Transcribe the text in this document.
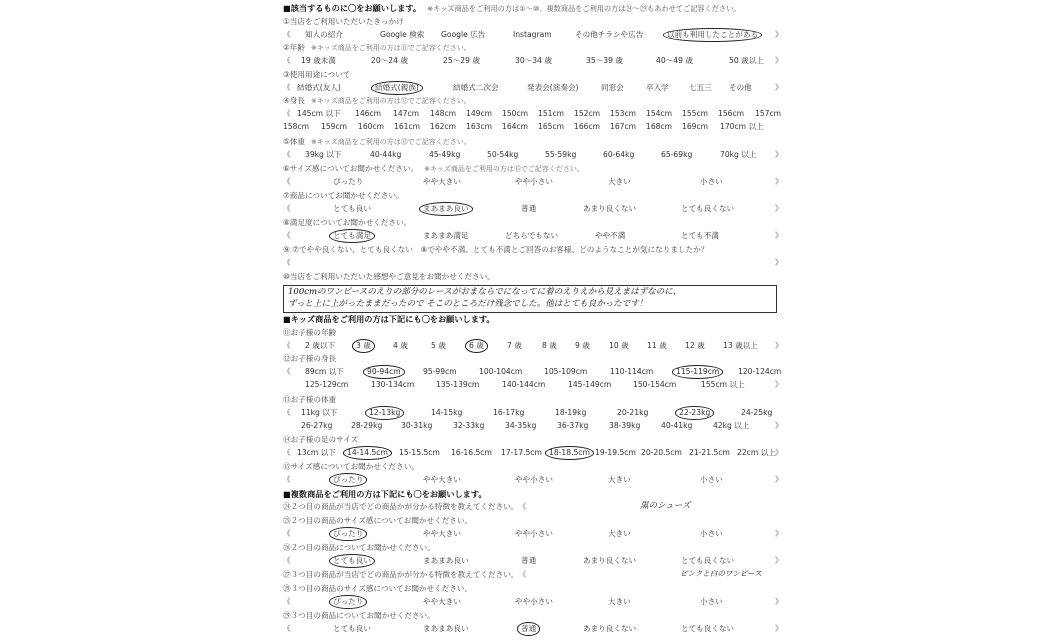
■該当するものに〇をお願いします。 ※キッズ商品をご利用の方は①～⑩、複数商品をご利用の方は㉔～㉙もあわせてご記容ください。
①当店をご利用いただいたきっかけ
《 知人の紹介	Google 検索 Google 広告	Instagram	その他チラシや広告	以前も利用したことがある 》
②年齢 ※キッズ商品をご利用の方は⑪でご記容ください。
《 19 歳未満	20～24 歳	25～29 歳	30～34 歳	35～39 歳	40～49 歳	50 歳以上 》
③使用用途について
《 結婚式(友人)	結婚式(親族)	結婚式二次会	発表会(演奏会)	同窓会	卒入学	七五三 その他	》
④身長 ※キッズ商品をご利用の方は⑫でご記容ください。
《 145cm 以下 146cm 147cm 148cm 149cm 150cm 151cm 152cm 153cm 154cm 155cm 156cm 157cm
158cm 159cm 160cm 161cm 162cm 163cm 164cm 165cm 166cm 167cm 168cm 169cm 170cm 以上
⑤体重 ※キッズ商品をご利用の方は⑬でご記容ください。
《 39kg 以下	40-44kg	45-49kg	50-54kg	55-59kg	60-64kg	65-69kg	70kg 以上 》
⑥サイズ感についてお聞かせください。 ※キッズ商品をご利用の方は⑮でご記容ください。
《	ぴったり	やや大きい	やや小さい	大きい	小さい	》
⑦商品についてお聞かせください。
《	とても良い	まあまあ良い	普通	あまり良くない	とても良くない	》
⑧満足度についてお聞かせください。
《	とても満足	まあまあ満足	どちらでもない	やや不満	とても不満	》
⑨ ⑦でやや良くない、とても良くない　⑧でやや不満、とても不満とご回答のお客様、どのようなことが気になりましたか？
《	》
⑩当店をご利用いただいた感想やご意見をお聞かせください。
100cmのワンピースのえりの部分のレースがおまならでになってに着のえりえから見えまはずなのに、
ずっと上に上がったままだったので そこのところだけ残念でした。他はとても良かったです！
■キッズ商品をご利用の方は下記にも〇をお願いします。
⑪お子様の年齢
《 2 歳以下	3 歳	4 歳	5 歳	6 歳	7 歳	8 歳 9 歳	10 歳 11 歳 12 歳 13 歳以上 》
⑫お子様の身長
《 89cm 以下	90-94cm	95-99cm	100-104cm	105-109cm	110-114cm	115-119cm 120-124cm
125-129cm	130-134cm	135-139cm	140-144cm	145-149cm	150-154cm	155cm 以上	》
⑬お子様の体重
《 11kg 以下	12-13kg	14-15kg	16-17kg	18-19kg	20-21kg	22-23kg	24-25kg
26-27kg 28-29kg 30-31kg	32-33kg	34-35kg	36-37kg	38-39kg	40-41kg	42kg 以上	》
⑭お子様の足のサイズ
《 13cm 以下 14-14.5cm 15-15.5cm 16-16.5cm 17-17.5cm 18-18.5cm 19-19.5cm 20-20.5cm 21-21.5cm 22cm 以上 》
⑮サイズ感についてお聞かせください。
《	ぴったり	やや大きい	やや小さい	大きい	小さい	》
■複数商品をご利用の方は下記にも〇をお願いします。
㉔２つ目の商品が当店でどの商品かが分かる特徴を教えてください。 《	黒のシューズ
㉕２つ目の商品のサイズ感についてお聞かせください。
《	ぴったり	やや大きい	やや小さい	大きい	小さい	》
㉖２つ目の商品についてお聞かせください。
《	とても良い	まあまあ良い	普通	あまり良くない	とても良くない	》
㉗３つ目の商品が当店でどの商品かが分かる特徴を教えてください。 《	ピンクと白のワンピース
㉘３つ目の商品のサイズ感についてお聞かせください。
《	ぴったり	やや大きい	やや小さい	大きい	小さい	》
㉙３つ目の商品についてお聞かせください。
《	とても良い	まあまあ良い	普通	あまり良くない	とても良くない	》
